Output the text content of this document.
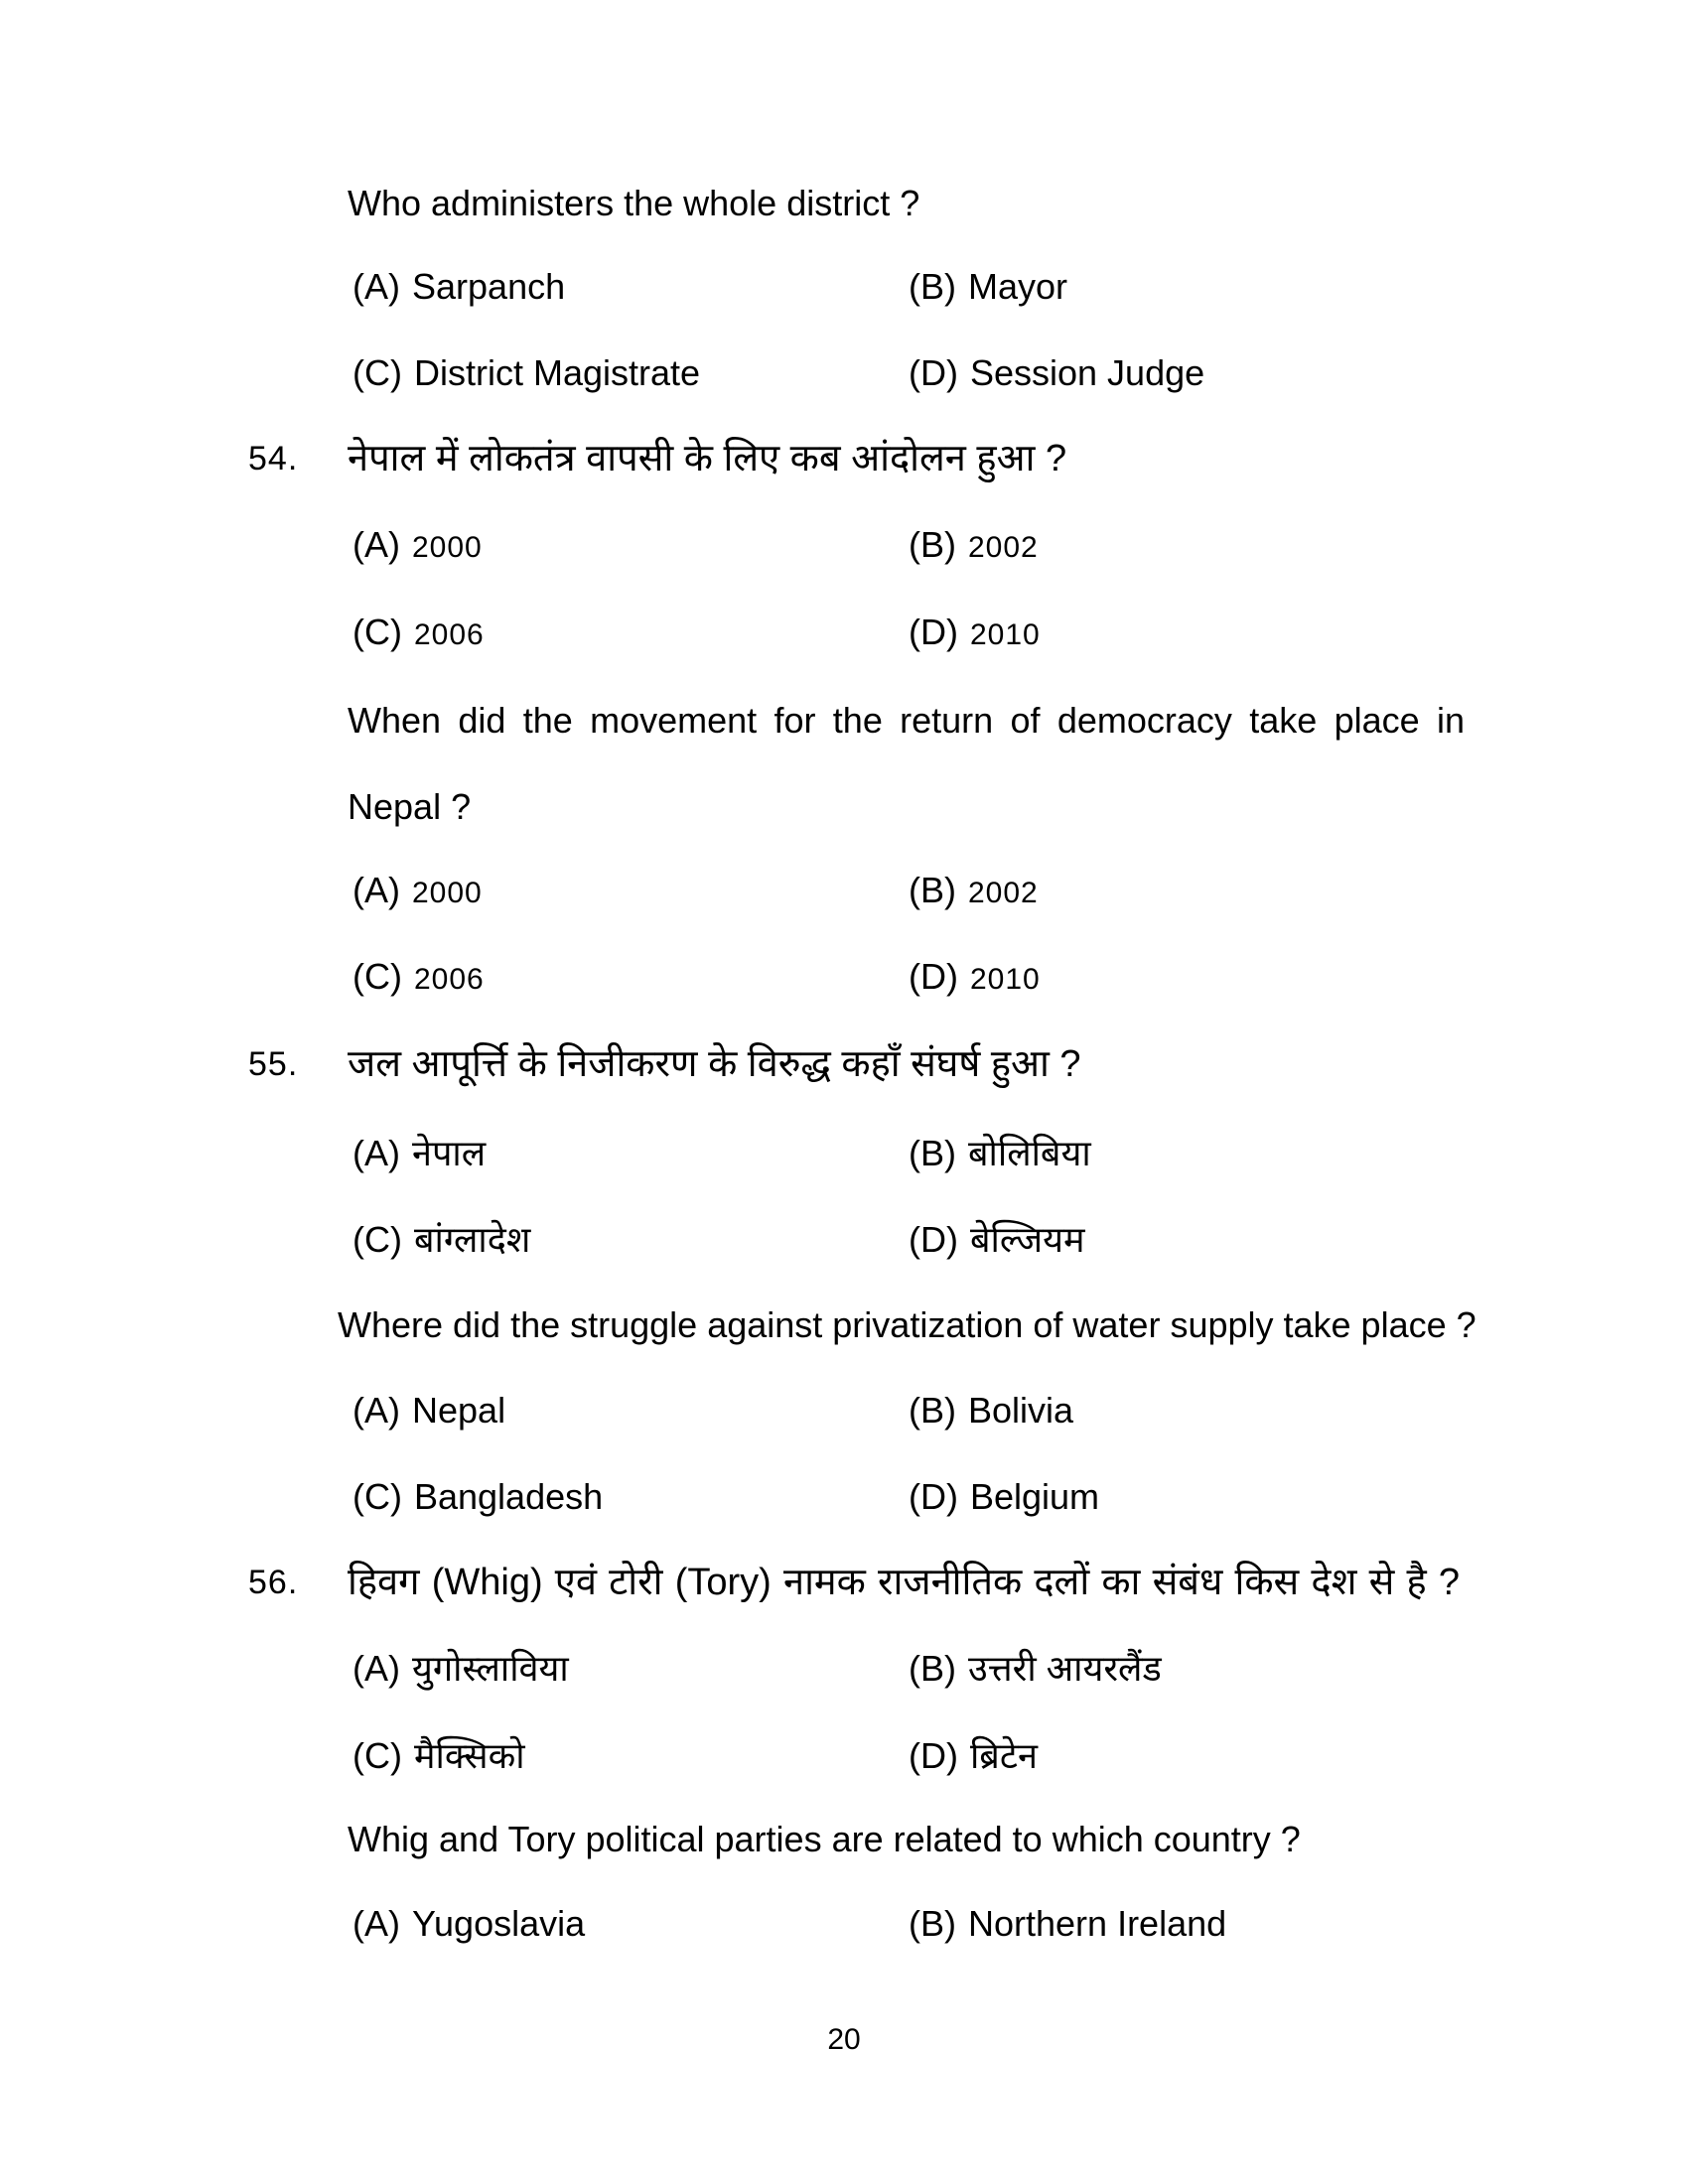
Who administers the whole district ?
(A) Sarpanch	(B) Mayor
(C) District Magistrate	(D) Session Judge
54. नेपाल में लोकतंत्र वापसी के लिए कब आंदोलन हुआ ?
(A) 2000	(B) 2002
(C) 2006	(D) 2010
When did the movement for the return of democracy take place in
Nepal ?
(A) 2000	(B) 2002
(C) 2006	(D) 2010
55. जल आपूर्त्ति के निजीकरण के विरुद्ध कहाँ संघर्ष हुआ ?
(A) नेपाल	(B) बोलिबिया
(C) बांग्लादेश	(D) बेल्जियम
Where did the struggle against privatization of water supply take place ?
(A) Nepal	(B) Bolivia
(C) Bangladesh	(D) Belgium
56. हिवग (Whig) एवं टोरी (Tory) नामक राजनीतिक दलों का संबंध किस देश से है ?
(A) युगोस्लाविया	(B) उत्तरी आयरलैंड
(C) मैक्सिको	(D) ब्रिटेन
Whig and Tory political parties are related to which country ?
(A) Yugoslavia	(B) Northern Ireland
20
